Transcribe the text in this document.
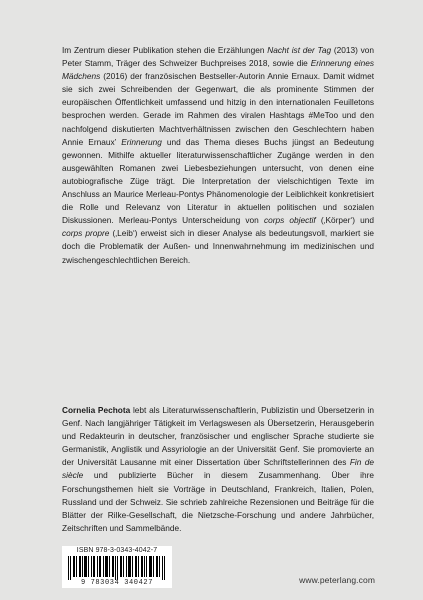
Im Zentrum dieser Publikation stehen die Erzählungen Nacht ist der Tag (2013) von Peter Stamm, Träger des Schweizer Buchpreises 2018, sowie die Erinnerung eines Mädchens (2016) der französischen Bestseller-Autorin Annie Ernaux. Damit widmet sie sich zwei Schreibenden der Gegenwart, die als prominente Stimmen der europäischen Öffentlichkeit umfassend und hitzig in den internationalen Feuilletons besprochen werden. Gerade im Rahmen des viralen Hashtags #MeToo und den nachfolgend diskutierten Machtverhältnissen zwischen den Geschlechtern haben Annie Ernaux’ Erinnerung und das Thema dieses Buchs jüngst an Bedeutung gewonnen. Mithilfe aktueller literaturwissenschaftlicher Zugänge werden in den ausgewählten Romanen zwei Liebesbeziehungen untersucht, von denen eine autobiografische Züge trägt. Die Interpretation der vielschichtigen Texte im Anschluss an Maurice Merleau-Pontys Phänomenologie der Leiblichkeit konkretisiert die Rolle und Relevanz von Literatur in aktuellen politischen und sozialen Diskussionen. Merleau-Pontys Unterscheidung von corps objectif (‚Körper‘) und corps propre (‚Leib‘) erweist sich in dieser Analyse als bedeutungsvoll, markiert sie doch die Problematik der Außen- und Innenwahrnehmung im medizinischen und zwischengeschlechtlichen Bereich.
Cornelia Pechota lebt als Literaturwissenschaftlerin, Publizistin und Übersetzerin in Genf. Nach langjähriger Tätigkeit im Verlagswesen als Übersetzerin, Herausgeberin und Redakteurin in deutscher, französischer und englischer Sprache studierte sie Germanistik, Anglistik und Assyriologie an der Universität Genf. Sie promovierte an der Universität Lausanne mit einer Dissertation über Schriftstellerinnen des Fin de siècle und publizierte Bücher in diesem Zusammenhang. Über ihre Forschungsthemen hielt sie Vorträge in Deutschland, Frankreich, Italien, Polen, Russland und der Schweiz. Sie schrieb zahlreiche Rezensionen und Beiträge für die Blätter der Rilke-Gesellschaft, die Nietzsche-Forschung und andere Jahrbücher, Zeitschriften und Sammelbände.
ISBN 978-3-0343-4042-7
9 783034 340427	www.peterlang.com
